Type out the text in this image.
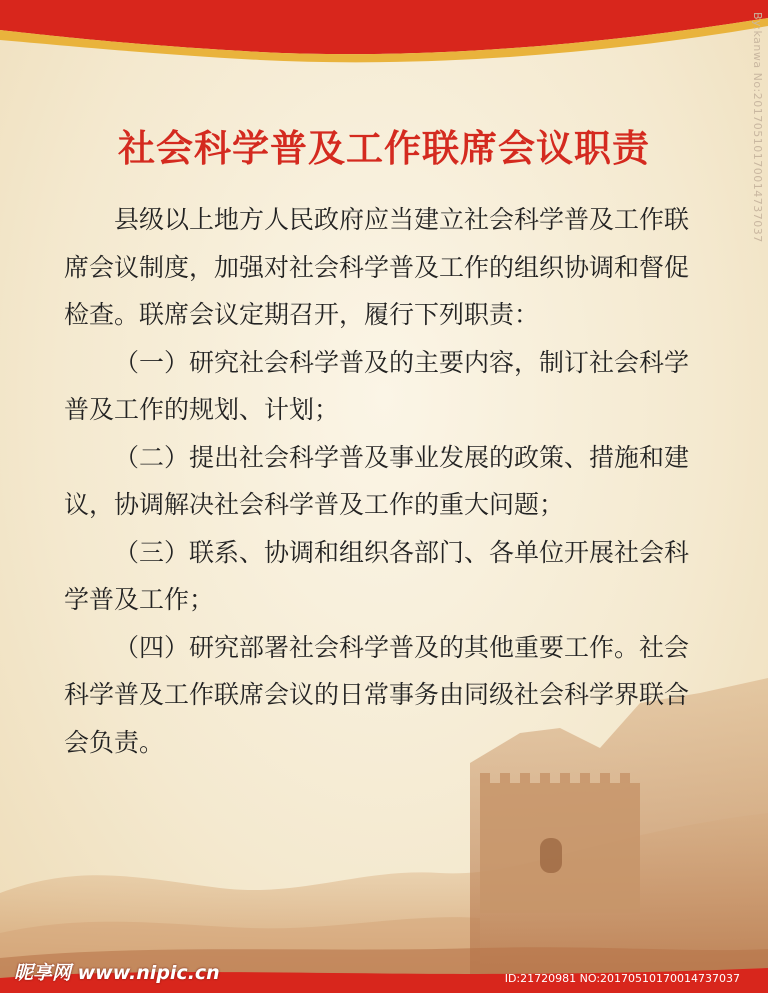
社会科学普及工作联席会议职责

县级以上地方人民政府应当建立社会科学普及工作联席会议制度，加强对社会科学普及工作的组织协调和督促检查。联席会议定期召开，履行下列职责：

（一）研究社会科学普及的主要内容，制订社会科学普及工作的规划、计划；

（二）提出社会科学普及事业发展的政策、措施和建议，协调解决社会科学普及工作的重大问题；

（三）联系、协调和组织各部门、各单位开展社会科学普及工作；

（四）研究部署社会科学普及的其他重要工作。社会科学普及工作联席会议的日常事务由同级社会科学界联合会负责。

By:kanwa No:20170510170014737037
昵享网 www.nipic.cn	ID:21720981 NO:20170510170014737037
